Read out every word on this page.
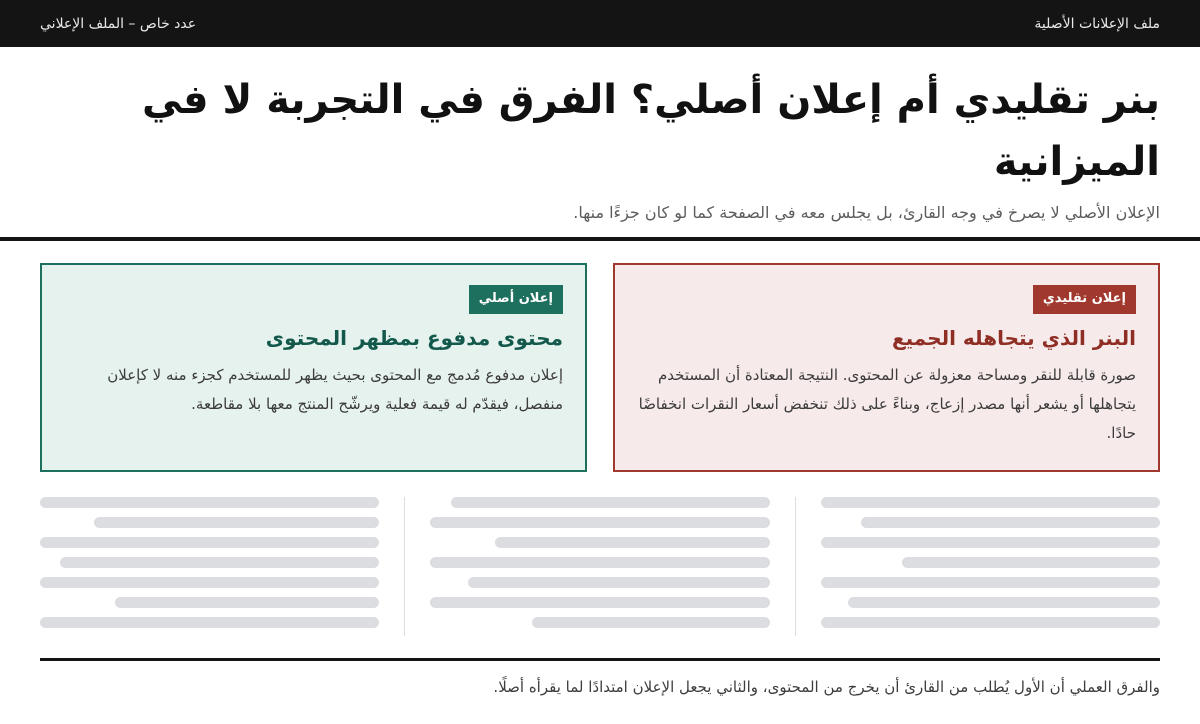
ملف الإعلانات الأصلية
عدد خاص – الملف الإعلاني
بنر تقليدي أم إعلان أصلي؟ الفرق في التجربة لا في الميزانية

الإعلان الأصلي لا يصرخ في وجه القارئ، بل يجلس معه في الصفحة كما لو كان جزءًا منها.

إعلان تقليدي
البنر الذي يتجاهله الجميع

صورة قابلة للنقر ومساحة معزولة عن المحتوى. النتيجة المعتادة أن المستخدم يتجاهلها أو يشعر أنها مصدر إزعاج، وبناءً على ذلك تنخفض أسعار النقرات انخفاضًا حادًا.

إعلان أصلي
محتوى مدفوع بمظهر المحتوى

إعلان مدفوع مُدمج مع المحتوى بحيث يظهر للمستخدم كجزء منه لا كإعلان منفصل، فيقدّم له قيمة فعلية ويرشّح المنتج معها بلا مقاطعة.

والفرق العملي أن الأول يُطلب من القارئ أن يخرج من المحتوى، والثاني يجعل الإعلان امتدادًا لما يقرأه أصلًا.
